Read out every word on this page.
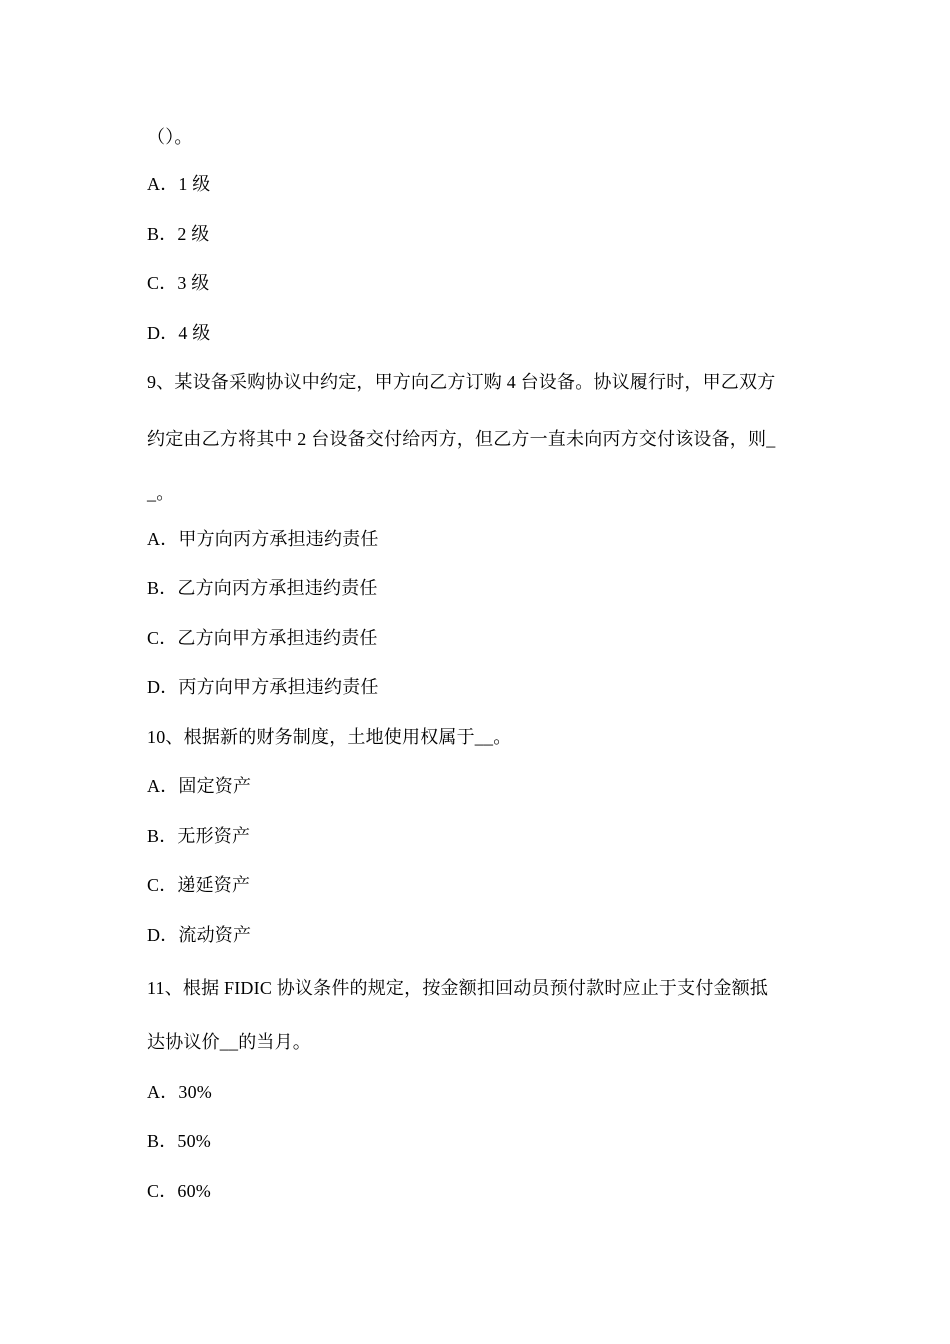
（）。
A．1 级
B．2 级
C．3 级
D．4 级
9、某设备采购协议中约定，甲方向乙方订购 4 台设备。协议履行时，甲乙双方
约定由乙方将其中 2 台设备交付给丙方，但乙方一直未向丙方交付该设备，则_
_。
A．甲方向丙方承担违约责任
B．乙方向丙方承担违约责任
C．乙方向甲方承担违约责任
D．丙方向甲方承担违约责任
10、根据新的财务制度，土地使用权属于__。
A．固定资产
B．无形资产
C．递延资产
D．流动资产
11、根据 FIDIC 协议条件的规定，按金额扣回动员预付款时应止于支付金额抵
达协议价__的当月。
A．30%
B．50%
C．60%
